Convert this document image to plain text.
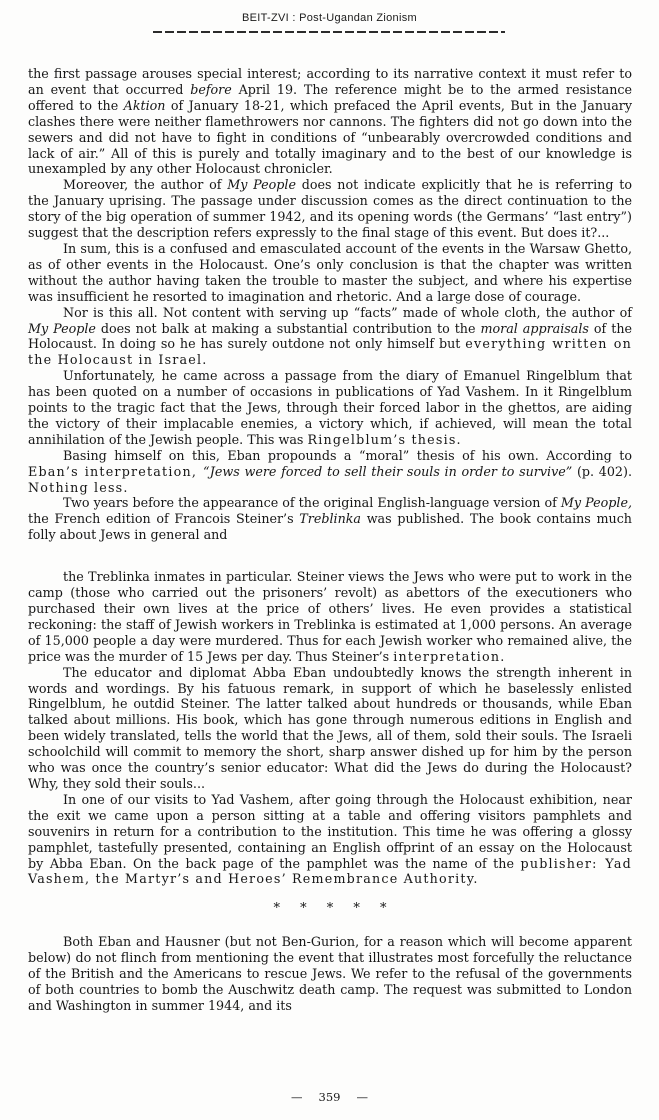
BEIT-ZVI : Post-Ugandan Zionism

the first passage arouses special interest; according to its narrative context it must refer to an event that occurred before April 19. The reference might be to the armed resistance offered to the Aktion of January 18-21, which prefaced the April events, But in the January clashes there were neither flamethrowers nor cannons. The fighters did not go down into the sewers and did not have to fight in conditions of “unbearably overcrowded conditions and lack of air.” All of this is purely and totally imaginary and to the best of our knowledge is unexampled by any other Holocaust chronicler.

Moreover, the author of My People does not indicate explicitly that he is referring to the January uprising. The passage under discussion comes as the direct continuation to the story of the big operation of summer 1942, and its opening words (the Germans’ “last entry”) suggest that the description refers expressly to the final stage of this event. But does it?...

In sum, this is a confused and emasculated account of the events in the Warsaw Ghetto, as of other events in the Holocaust. One’s only conclusion is that the chapter was written without the author having taken the trouble to master the subject, and where his expertise was insufficient he resorted to imagination and rhetoric. And a large dose of courage.

Nor is this all. Not content with serving up “facts” made of whole cloth, the author of My People does not balk at making a substantial contribution to the moral appraisals of the Holocaust. In doing so he has surely outdone not only himself but everything written on the Holocaust in Israel.

Unfortunately, he came across a passage from the diary of Emanuel Ringelblum that has been quoted on a number of occasions in publications of Yad Vashem. In it Ringelblum points to the tragic fact that the Jews, through their forced labor in the ghettos, are aiding the victory of their implacable enemies, a victory which, if achieved, will mean the total annihilation of the Jewish people. This was Ringelblum’s thesis.

Basing himself on this, Eban propounds a “moral” thesis of his own. According to Eban’s interpretation, “Jews were forced to sell their souls in order to survive” (p. 402). Nothing less.

Two years before the appearance of the original English-language version of My People, the French edition of Francois Steiner’s Treblinka was published. The book contains much folly about Jews in general and

the Treblinka inmates in particular. Steiner views the Jews who were put to work in the camp (those who carried out the prisoners’ revolt) as abettors of the executioners who purchased their own lives at the price of others’ lives. He even provides a statistical reckoning: the staff of Jewish workers in Treblinka is estimated at 1,000 persons. An average of 15,000 people a day were murdered. Thus for each Jewish worker who remained alive, the price was the murder of 15 Jews per day. Thus Steiner’s interpretation.

The educator and diplomat Abba Eban undoubtedly knows the strength inherent in words and wordings. By his fatuous remark, in support of which he baselessly enlisted Ringelblum, he outdid Steiner. The latter talked about hundreds or thousands, while Eban talked about millions. His book, which has gone through numerous editions in English and been widely translated, tells the world that the Jews, all of them, sold their souls. The Israeli schoolchild will commit to memory the short, sharp answer dished up for him by the person who was once the country’s senior educator: What did the Jews do during the Holocaust? Why, they sold their souls...

In one of our visits to Yad Vashem, after going through the Holocaust exhibition, near the exit we came upon a person sitting at a table and offering visitors pamphlets and souvenirs in return for a contribution to the institution. This time he was offering a glossy pamphlet, tastefully presented, containing an English offprint of an essay on the Holocaust by Abba Eban. On the back page of the pamphlet was the name of the publisher: Yad Vashem, the Martyr’s and Heroes’ Remembrance Authority.

* * * * *

Both Eban and Hausner (but not Ben-Gurion, for a reason which will become apparent below) do not flinch from mentioning the event that illustrates most forcefully the reluctance of the British and the Americans to rescue Jews. We refer to the refusal of the governments of both countries to bomb the Auschwitz death camp. The request was submitted to London and Washington in summer 1944, and its

— 359 —
